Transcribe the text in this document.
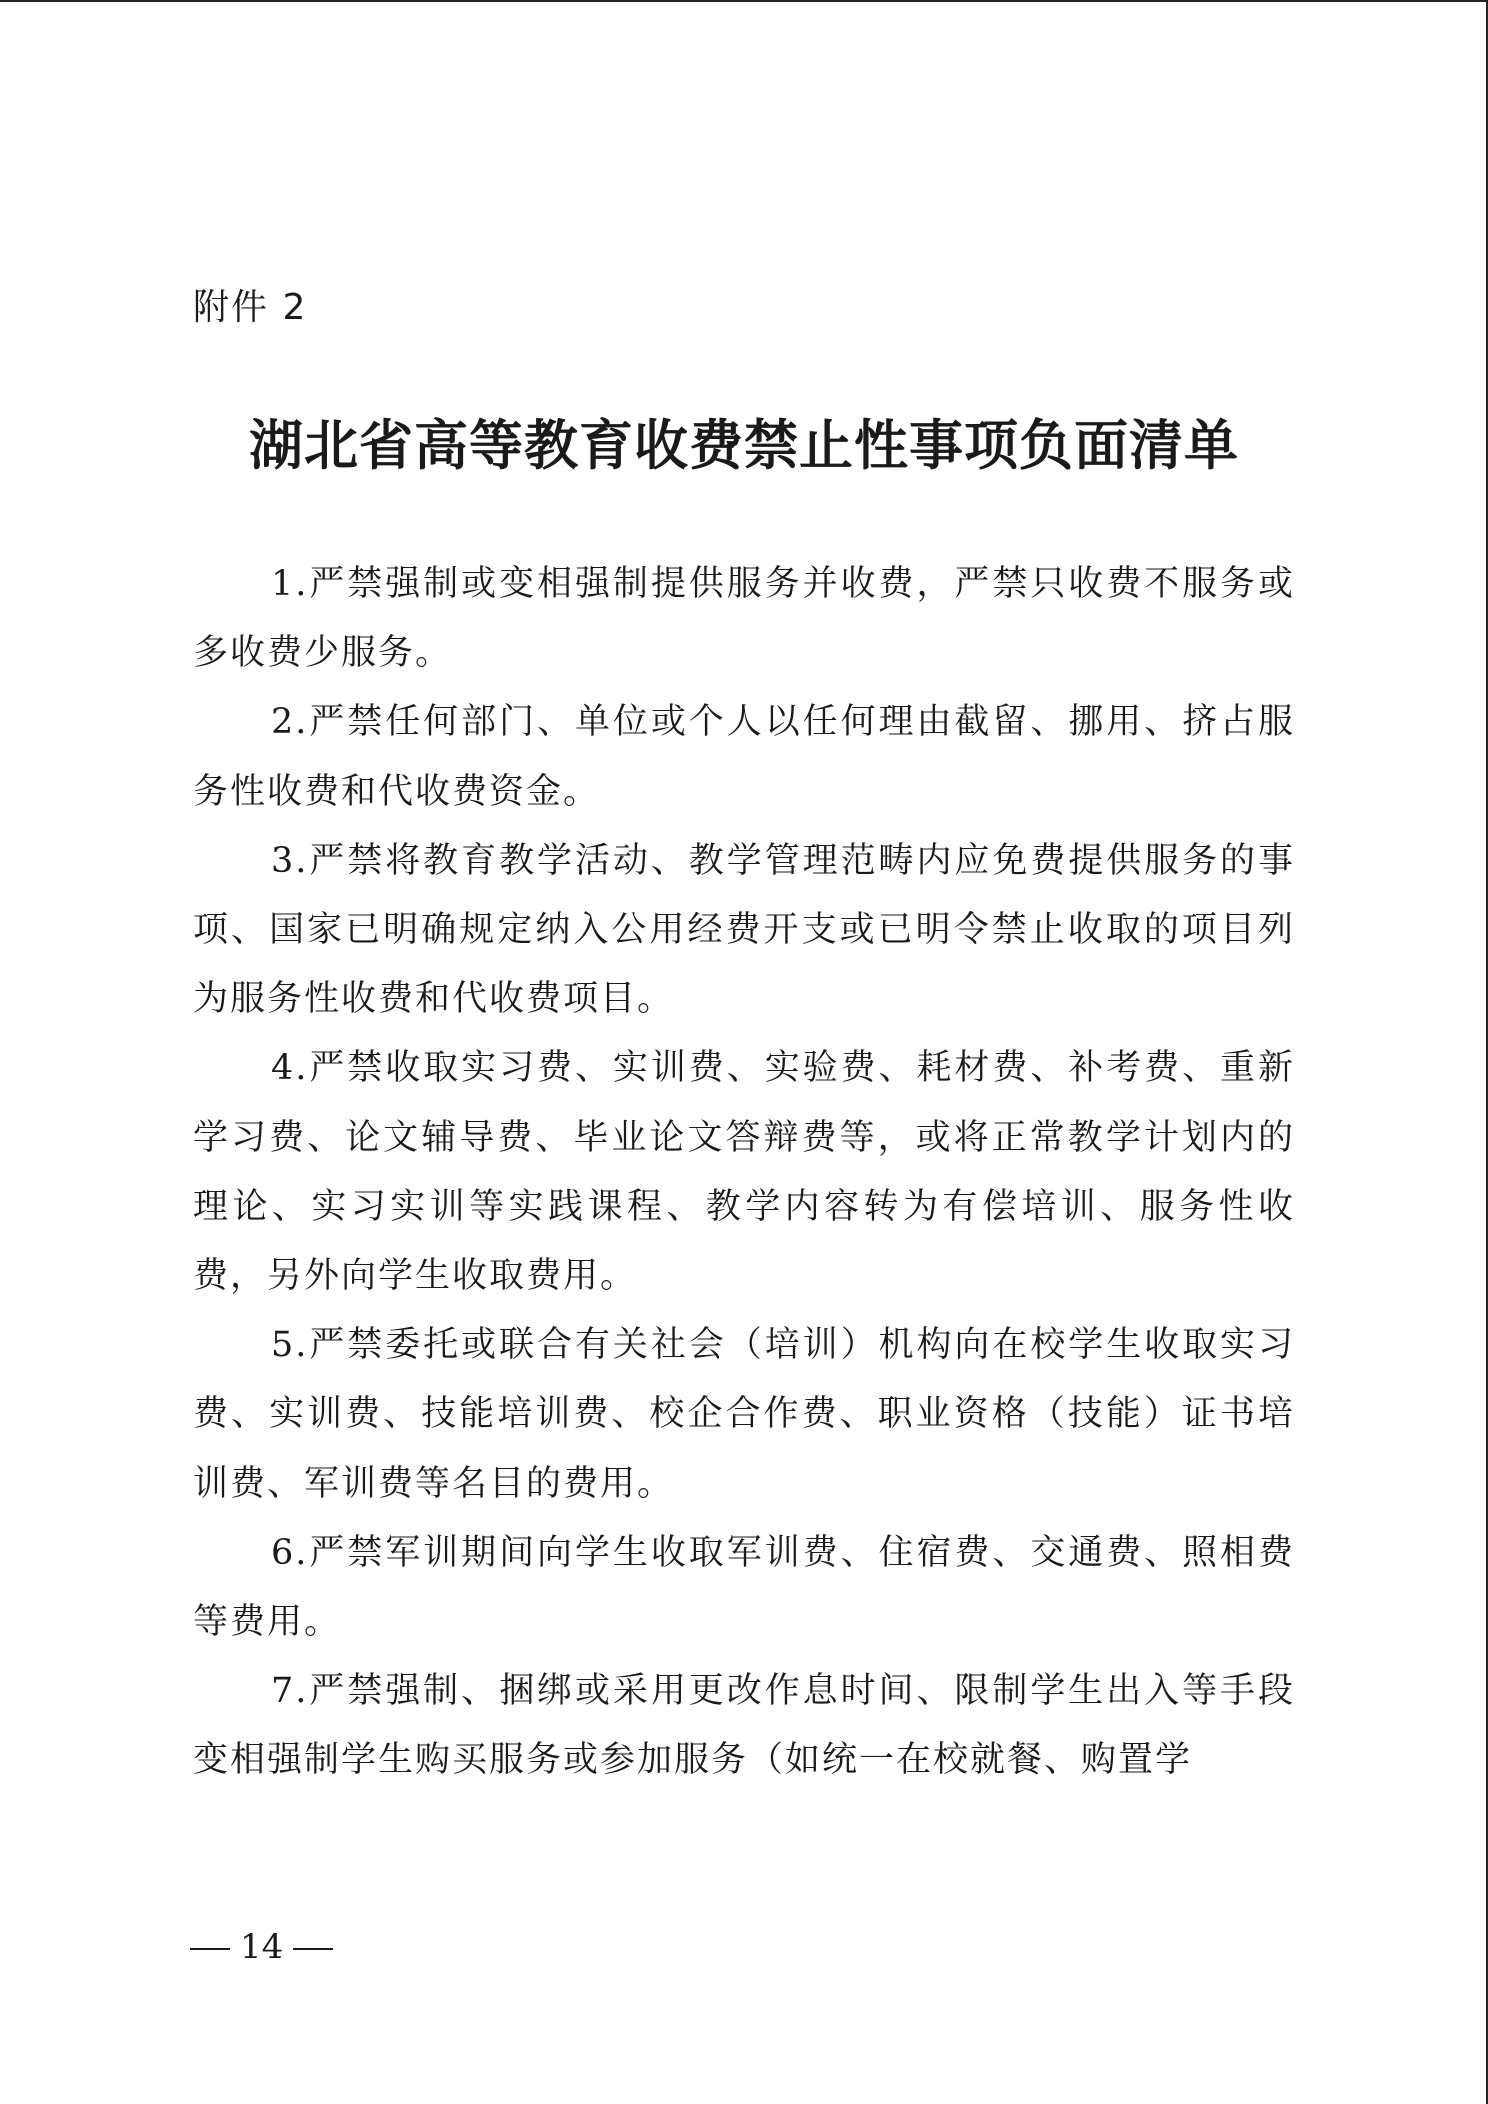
附件 2
湖北省高等教育收费禁止性事项负面清单

1.严禁强制或变相强制提供服务并收费，严禁只收费不服务或多收费少服务。

2.严禁任何部门、单位或个人以任何理由截留、挪用、挤占服务性收费和代收费资金。

3.严禁将教育教学活动、教学管理范畴内应免费提供服务的事项、国家已明确规定纳入公用经费开支或已明令禁止收取的项目列为服务性收费和代收费项目。

4.严禁收取实习费、实训费、实验费、耗材费、补考费、重新学习费、论文辅导费、毕业论文答辩费等，或将正常教学计划内的理论、实习实训等实践课程、教学内容转为有偿培训、服务性收费，另外向学生收取费用。

5.严禁委托或联合有关社会（培训）机构向在校学生收取实习费、实训费、技能培训费、校企合作费、职业资格（技能）证书培训费、军训费等名目的费用。

6.严禁军训期间向学生收取军训费、住宿费、交通费、照相费等费用。

7.严禁强制、捆绑或采用更改作息时间、限制学生出入等手段变相强制学生购买服务或参加服务（如统一在校就餐、购置学

14
